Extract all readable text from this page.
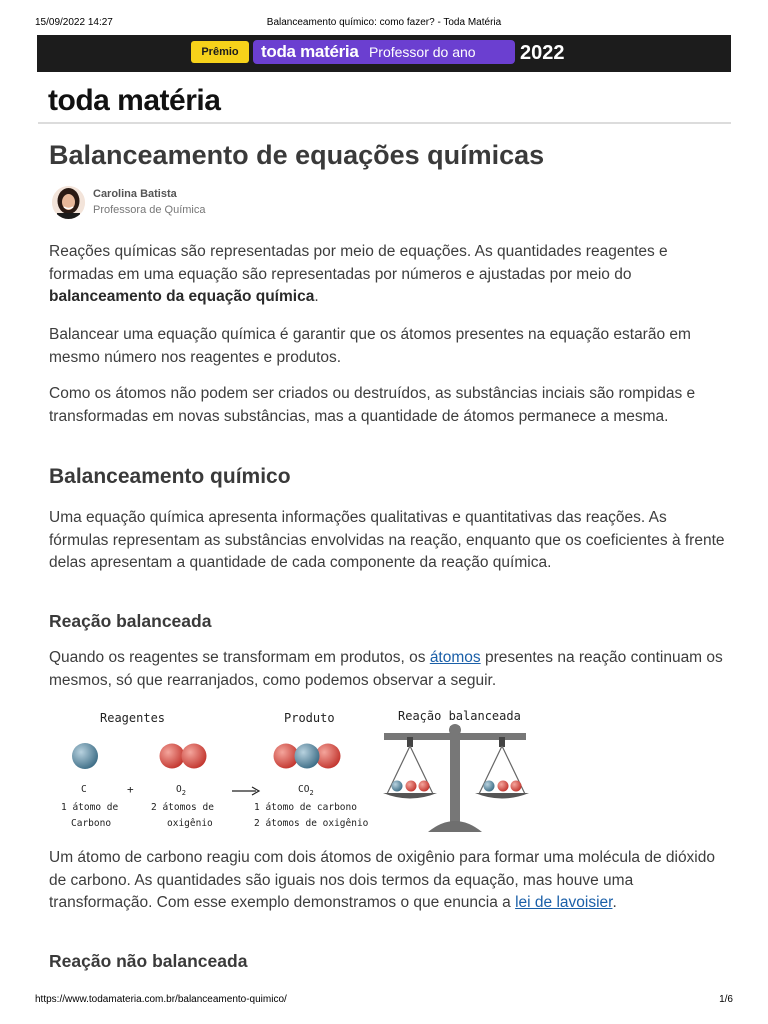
15/09/2022 14:27	Balanceamento químico: como fazer? - Toda Matéria
Prêmio	toda matéria Professor do ano	2022
toda matéria
Balanceamento de equações químicas
Carolina Batista
Professora de Química

Reações químicas são representadas por meio de equações. As quantidades reagentes e formadas em uma equação são representadas por números e ajustadas por meio do balanceamento da equação química.

Balancear uma equação química é garantir que os átomos presentes na equação estarão em mesmo número nos reagentes e produtos.

Como os átomos não podem ser criados ou destruídos, as substâncias inciais são rompidas e transformadas em novas substâncias, mas a quantidade de átomos permanece a mesma.

Balanceamento químico

Uma equação química apresenta informações qualitativas e quantitativas das reações. As fórmulas representam as substâncias envolvidas na reação, enquanto que os coeficientes à frente delas apresentam a quantidade de cada componente da reação química.

Reação balanceada

Quando os reagentes se transformam em produtos, os átomos presentes na reação continuam os mesmos, só que rearranjados, como podemos observar a seguir.

Reagentes	Produto	Reação balanceada
C
1 átomo de
Carbono
+	$O_2$
2 átomos de
oxigênio
$CO_2$
1 átomo de carbono
2 átomos de oxigênio

Um átomo de carbono reagiu com dois átomos de oxigênio para formar uma molécula de dióxido de carbono. As quantidades são iguais nos dois termos da equação, mas houve uma transformação. Com esse exemplo demonstramos o que enuncia a lei de lavoisier.

Reação não balanceada
https://www.todamateria.com.br/balanceamento-quimico/	1/6
